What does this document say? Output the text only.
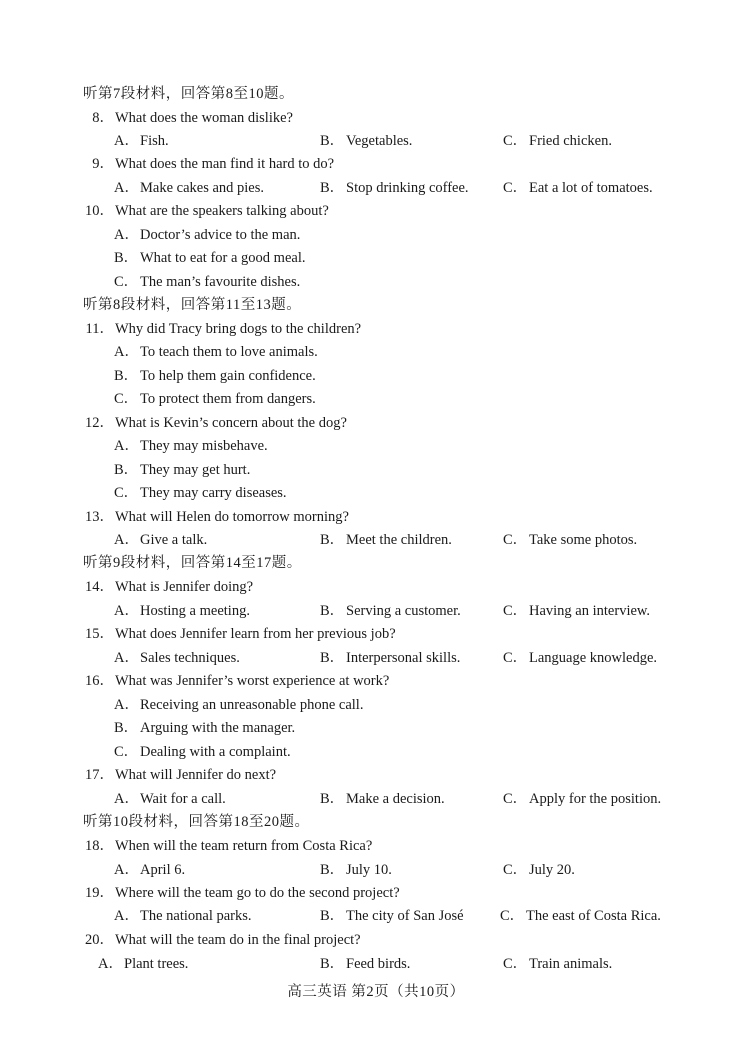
听第7段材料，回答第8至10题。
8．What does the woman dislike?
A．Fish.	B． Vegetables.	C． Fried chicken.
9．What does the man find it hard to do?
A．Make cakes and pies.	B． Stop drinking coffee. C． Eat a lot of tomatoes.
10．What are the speakers talking about?
A．Doctor’s advice to the man.
B． What to eat for a good meal.
C． The man’s favourite dishes.
听第8段材料，回答第11至13题。
11．Why did Tracy bring dogs to the children?
A．To teach them to love animals.
B． To help them gain confidence.
C． To protect them from dangers.
12．What is Kevin’s concern about the dog?
A．They may misbehave.
B． They may get hurt.
C． They may carry diseases.
13．What will Helen do tomorrow morning?
A．Give a talk.	B． Meet the children.	C． Take some photos.
听第9段材料，回答第14至17题。
14．What is Jennifer doing?
A．Hosting a meeting.	B． Serving a customer.	C． Having an interview.
15．What does Jennifer learn from her previous job?
A．Sales techniques.	B． Interpersonal skills.	C． Language knowledge.
16．What was Jennifer’s worst experience at work?
A．Receiving an unreasonable phone call.
B． Arguing with the manager.
C． Dealing with a complaint.
17．What will Jennifer do next?
A．Wait for a call.	B． Make a decision.	C． Apply for the position.
听第10段材料，回答第18至20题。
18．When will the team return from Costa Rica?
A．April 6.	B． July 10.	C． July 20.
19．Where will the team go to do the second project?
A．The national parks.	B． The city of San José	C． The east of Costa Rica.
20．What will the team do in the final project?
A．Plant trees.	B． Feed birds.	C． Train animals.
高三英语 第2页（共10页）
